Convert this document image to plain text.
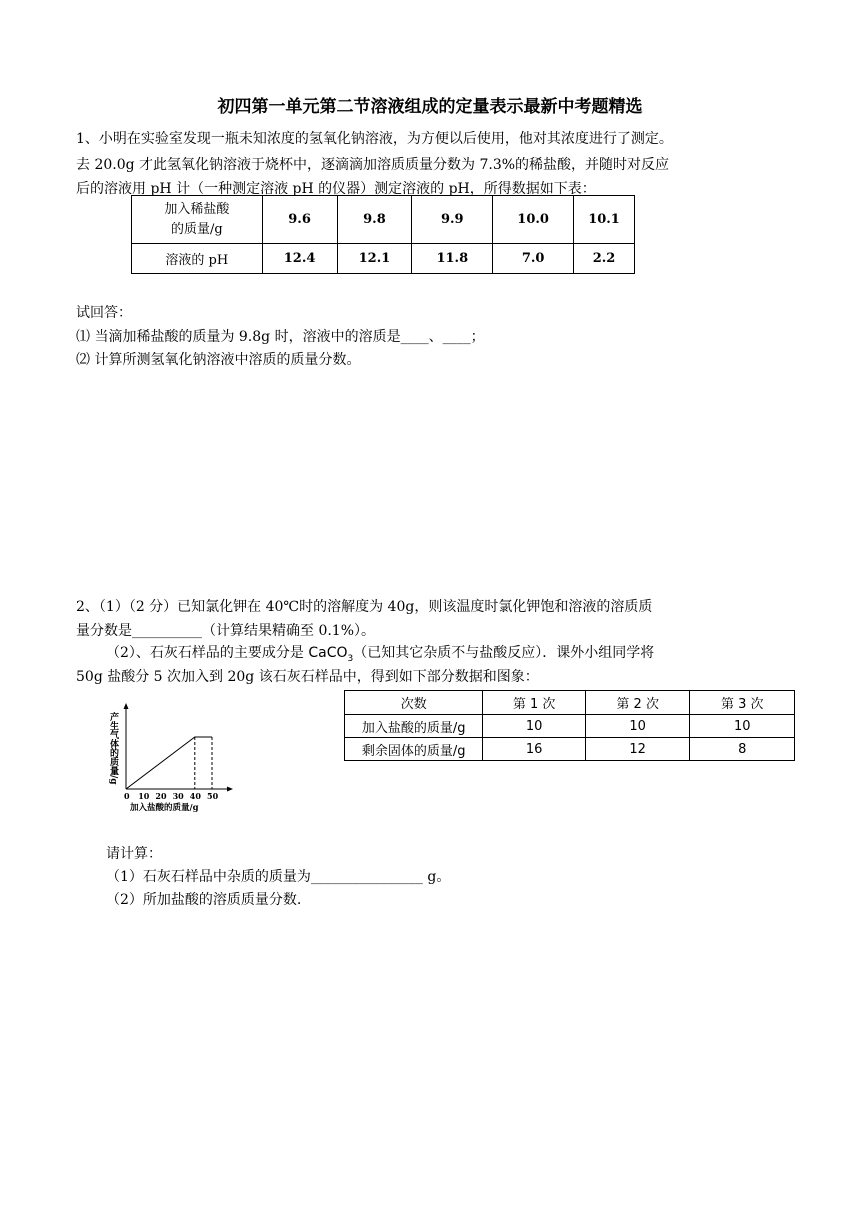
初四第一单元第二节溶液组成的定量表示最新中考题精选
1、小明在实验室发现一瓶未知浓度的氢氧化钠溶液，为方便以后使用，他对其浓度进行了测定。
去 20.0g 才此氢氧化钠溶液于烧杯中，逐滴滴加溶质质量分数为 7.3%的稀盐酸，并随时对反应
后的溶液用 pH 计（一种测定溶液 pH 的仪器）测定溶液的 pH，所得数据如下表：
加入稀盐酸
的质量/g	9.6	9.8	9.9	10.0	10.1
溶液的 pH	12.4	12.1	11.8	7.0	2.2
试回答：
⑴ 当滴加稀盐酸的质量为 9.8g 时，溶液中的溶质是____、____；
⑵ 计算所测氢氧化钠溶液中溶质的质量分数。
2、（1）（2 分）已知氯化钾在 40℃时的溶解度为 40g，则该温度时氯化钾饱和溶液的溶质质
量分数是__________（计算结果精确至 0.1%）。
（2）、石灰石样品的主要成分是 CaCO$_3$（已知其它杂质不与盐酸反应）．课外小组同学将
50g 盐酸分 5 次加入到 20g 该石灰石样品中，得到如下部分数据和图象：
产生气体的质量/g
0 10 20 30 40 50
加入盐酸的质量/g
次数	第 1 次	第 2 次	第 3 次
加入盐酸的质量/g	10	10	10
剩余固体的质量/g	16	12	8
请计算：
（1）石灰石样品中杂质的质量为________________ g。
（2）所加盐酸的溶质质量分数.
